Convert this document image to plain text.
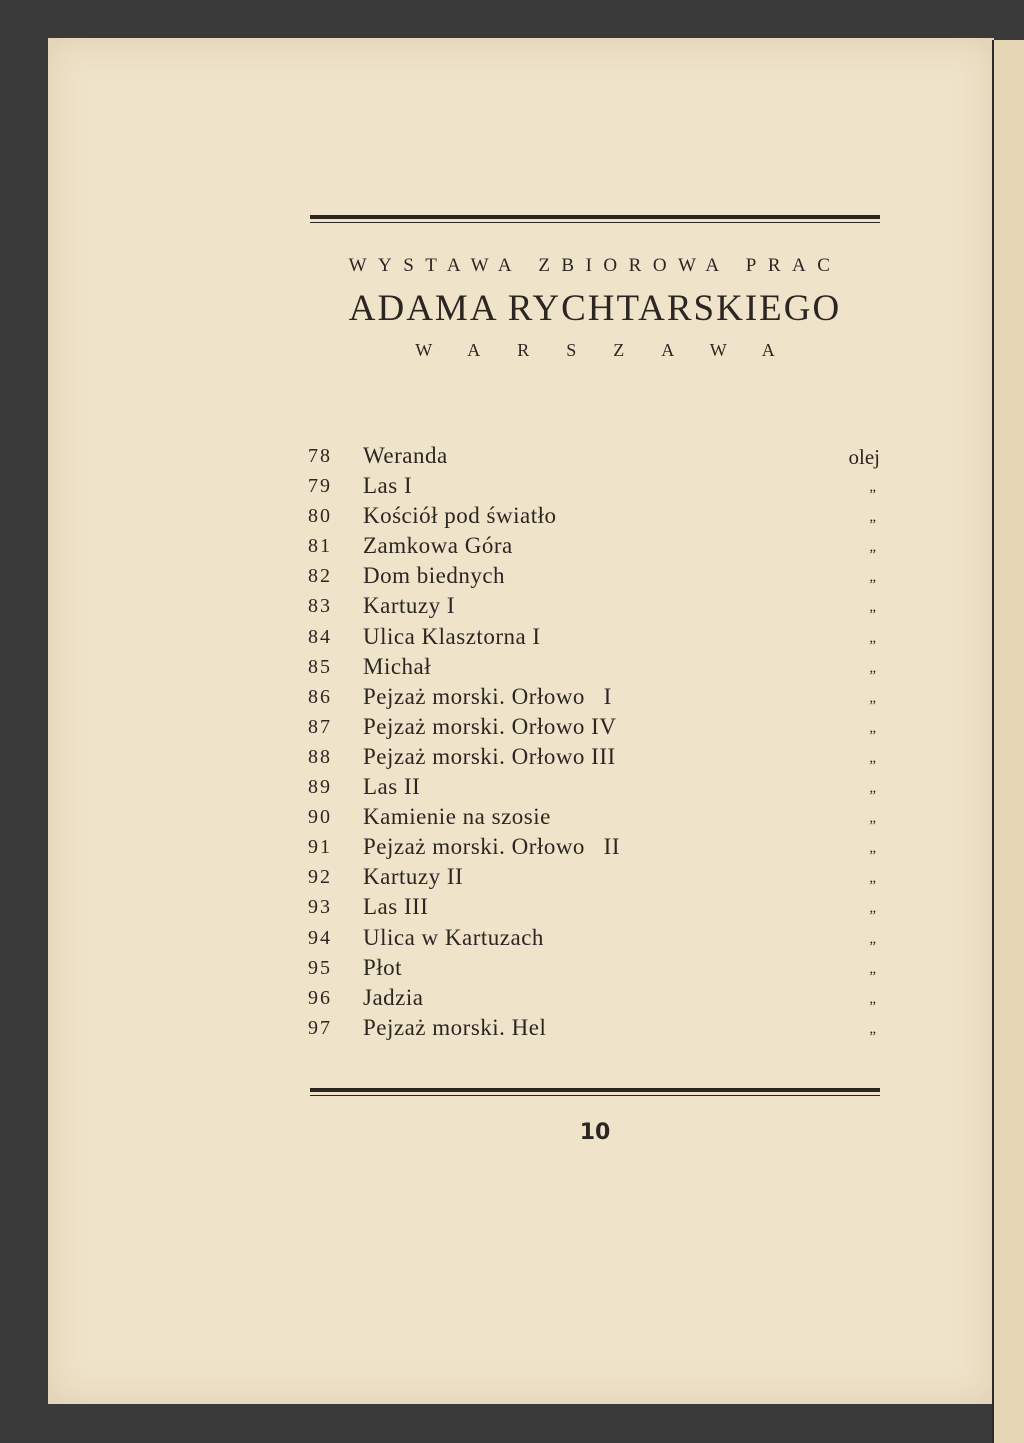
WYSTAWA ZBIOROWA PRAC
ADAMA RYCHTARSKIEGO
WARSZAWA
78	Weranda	olej
79	Las I	„
80	Kościół pod światło	„
81	Zamkowa Góra	„
82	Dom biednych	„
83	Kartuzy I	„
84	Ulica Klasztorna I	„
85	Michał	„
86	Pejzaż morski. Orłowo   I	„
87	Pejzaż morski. Orłowo IV	„
88	Pejzaż morski. Orłowo III	„
89	Las II	„
90	Kamienie na szosie	„
91	Pejzaż morski. Orłowo   II	„
92	Kartuzy II	„
93	Las III	„
94	Ulica w Kartuzach	„
95	Płot	„
96	Jadzia	„
97	Pejzaż morski. Hel	„
10
